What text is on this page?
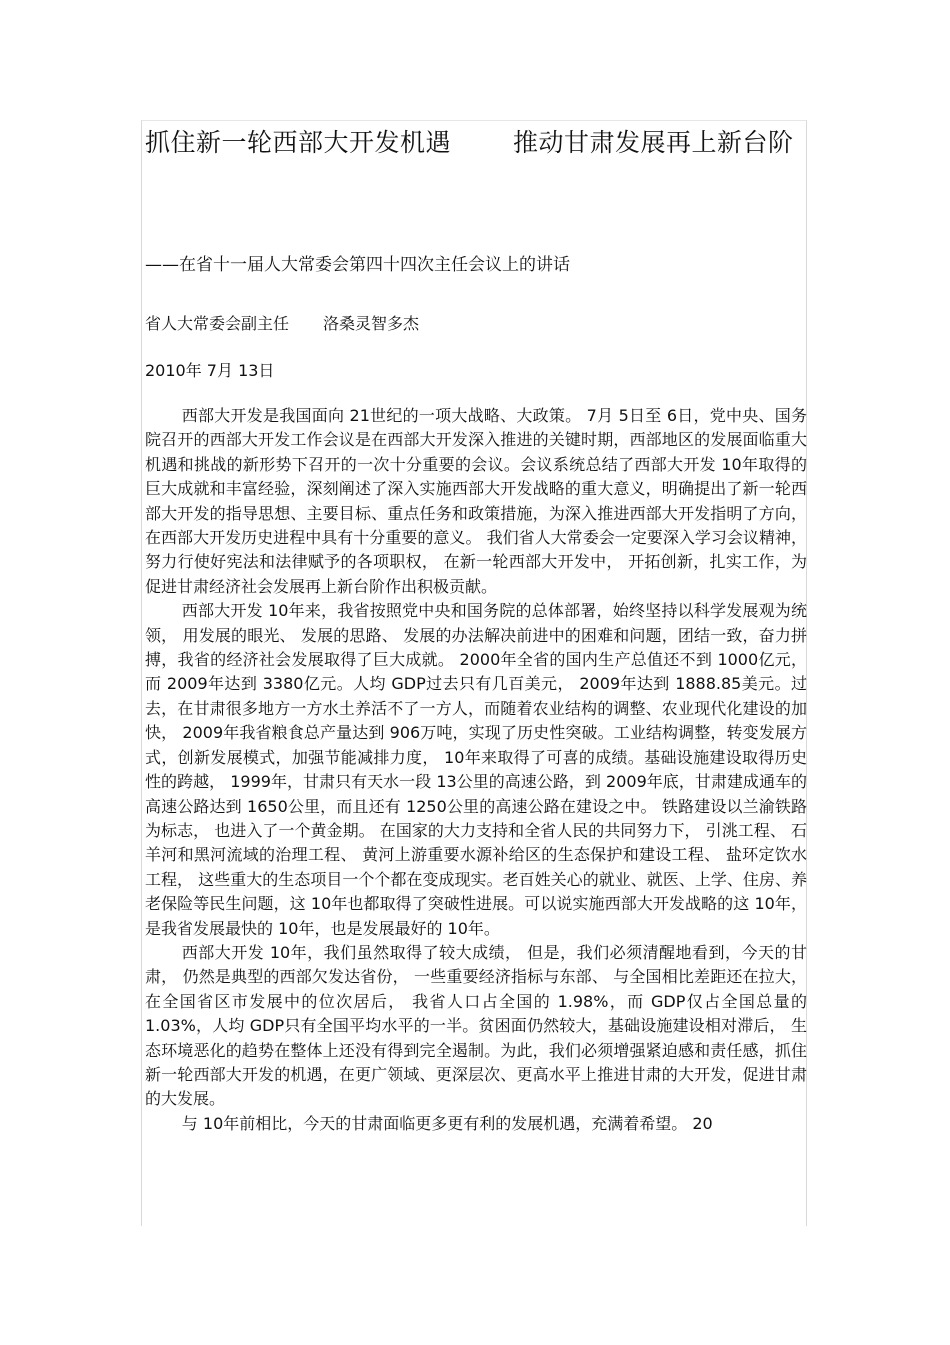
抓住新一轮西部大开发机遇 推动甘肃发展再上新台阶

——在省十一届人大常委会第四十四次主任会议上的讲话

省人大常委会副主任 洛桑灵智多杰

2010年 7月 13日

西部大开发是我国面向 21世纪的一项大战略、大政策。 7月 5日至 6日，党中央、国务院召开的西部大开发工作会议是在西部大开发深入推进的关键时期，西部地区的发展面临重大机遇和挑战的新形势下召开的一次十分重要的会议。会议系统总结了西部大开发 10年取得的巨大成就和丰富经验，深刻阐述了深入实施西部大开发战略的重大意义，明确提出了新一轮西部大开发的指导思想、主要目标、重点任务和政策措施，为深入推进西部大开发指明了方向，在西部大开发历史进程中具有十分重要的意义。 我们省人大常委会一定要深入学习会议精神，努力行使好宪法和法律赋予的各项职权， 在新一轮西部大开发中， 开拓创新，扎实工作，为促进甘肃经济社会发展再上新台阶作出积极贡献。

西部大开发 10年来，我省按照党中央和国务院的总体部署，始终坚持以科学发展观为统领， 用发展的眼光、 发展的思路、 发展的办法解决前进中的困难和问题，团结一致，奋力拼搏，我省的经济社会发展取得了巨大成就。 2000年全省的国内生产总值还不到 1000亿元，而 2009年达到 3380亿元。人均 GDP过去只有几百美元， 2009年达到 1888.85美元。过去，在甘肃很多地方一方水土养活不了一方人，而随着农业结构的调整、农业现代化建设的加快， 2009年我省粮食总产量达到 906万吨，实现了历史性突破。工业结构调整，转变发展方式，创新发展模式，加强节能减排力度， 10年来取得了可喜的成绩。基础设施建设取得历史性的跨越， 1999年，甘肃只有天水一段 13公里的高速公路，到 2009年底，甘肃建成通车的高速公路达到 1650公里，而且还有 1250公里的高速公路在建设之中。 铁路建设以兰渝铁路为标志， 也进入了一个黄金期。 在国家的大力支持和全省人民的共同努力下， 引洮工程、 石羊河和黑河流域的治理工程、 黄河上游重要水源补给区的生态保护和建设工程、 盐环定饮水工程， 这些重大的生态项目一个个都在变成现实。老百姓关心的就业、就医、上学、住房、养老保险等民生问题，这 10年也都取得了突破性进展。可以说实施西部大开发战略的这 10年，是我省发展最快的 10年，也是发展最好的 10年。

西部大开发 10年，我们虽然取得了较大成绩， 但是，我们必须清醒地看到，今天的甘肃， 仍然是典型的西部欠发达省份， 一些重要经济指标与东部、 与全国相比差距还在拉大， 在全国省区市发展中的位次居后， 我省人口占全国的 1.98%，而 GDP仅占全国总量的 1.03%，人均 GDP只有全国平均水平的一半。贫困面仍然较大，基础设施建设相对滞后， 生态环境恶化的趋势在整体上还没有得到完全遏制。为此，我们必须增强紧迫感和责任感，抓住新一轮西部大开发的机遇，在更广领域、更深层次、更高水平上推进甘肃的大开发，促进甘肃的大发展。

与 10年前相比，今天的甘肃面临更多更有利的发展机遇，充满着希望。 20
